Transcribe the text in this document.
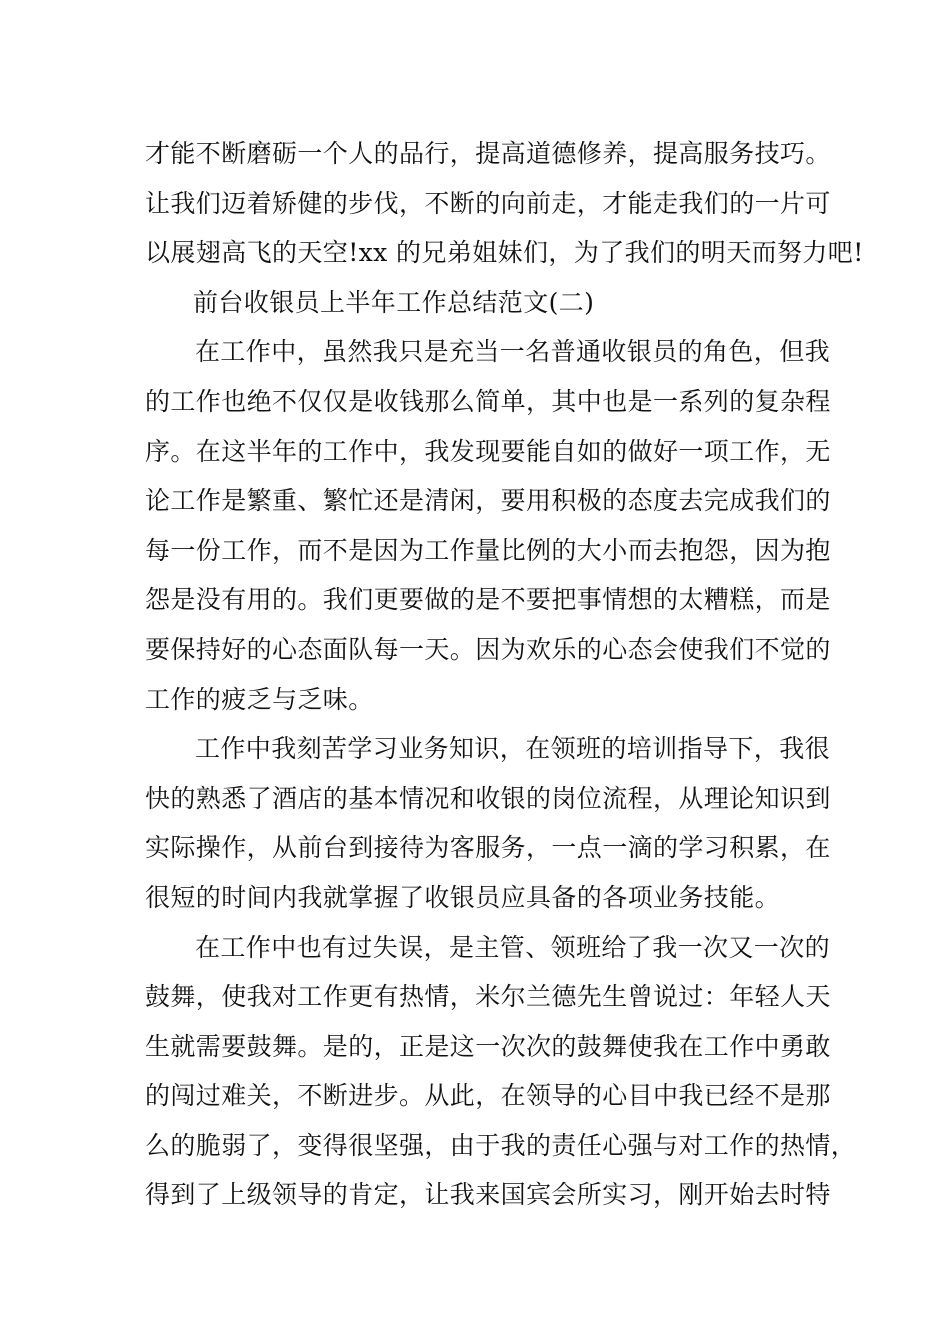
才能不断磨砺一个人的品行，提高道德修养，提高服务技巧。
让我们迈着矫健的步伐，不断的向前走，才能走我们的一片可
以展翅高飞的天空!xx 的兄弟姐妹们，为了我们的明天而努力吧!
前台收银员上半年工作总结范文(二)
在工作中，虽然我只是充当一名普通收银员的角色，但我
的工作也绝不仅仅是收钱那么简单，其中也是一系列的复杂程
序。在这半年的工作中，我发现要能自如的做好一项工作，无
论工作是繁重、繁忙还是清闲，要用积极的态度去完成我们的
每一份工作，而不是因为工作量比例的大小而去抱怨，因为抱
怨是没有用的。我们更要做的是不要把事情想的太糟糕，而是
要保持好的心态面队每一天。因为欢乐的心态会使我们不觉的
工作的疲乏与乏味。
工作中我刻苦学习业务知识，在领班的培训指导下，我很
快的熟悉了酒店的基本情况和收银的岗位流程，从理论知识到
实际操作，从前台到接待为客服务，一点一滴的学习积累，在
很短的时间内我就掌握了收银员应具备的各项业务技能。
在工作中也有过失误，是主管、领班给了我一次又一次的
鼓舞，使我对工作更有热情，米尔兰德先生曾说过：年轻人天
生就需要鼓舞。是的，正是这一次次的鼓舞使我在工作中勇敢
的闯过难关，不断进步。从此，在领导的心目中我已经不是那
么的脆弱了，变得很坚强，由于我的责任心强与对工作的热情，
得到了上级领导的肯定，让我来国宾会所实习，刚开始去时特
